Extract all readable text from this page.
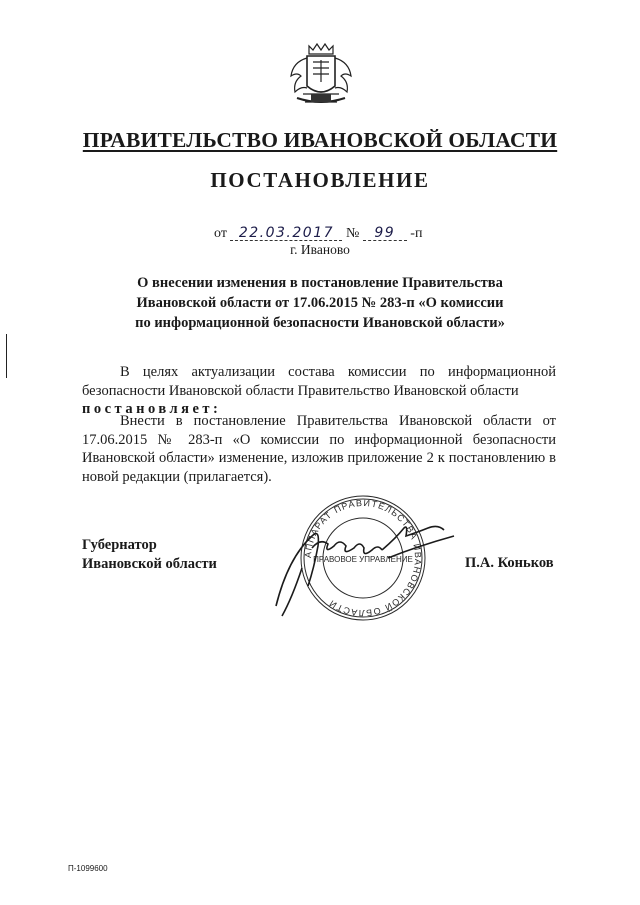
ПРАВИТЕЛЬСТВО ИВАНОВСКОЙ ОБЛАСТИ
ПОСТАНОВЛЕНИЕ
от 22.03.2017 № 99 -п
г. Иваново
О внесении изменения в постановление Правительства
Ивановской области от 17.06.2015 № 283-п «О комиссии
по информационной безопасности Ивановской области»
В целях актуализации состава комиссии по информационной безопасности Ивановской области Правительство Ивановской области
постановляет:
Внести в постановление Правительства Ивановской области от 17.06.2015 № 283-п «О комиссии по информационной безопасности Ивановской области» изменение, изложив приложение 2 к постановлению в новой редакции (прилагается).
Губернатор
Ивановской области
АППАРАТ ПРАВИТЕЛЬСТВА ИВАНОВСКОЙ ОБЛАСТИ
ПРАВОВОЕ УПРАВЛЕНИЕ	П.А. Коньков
П-1099600
